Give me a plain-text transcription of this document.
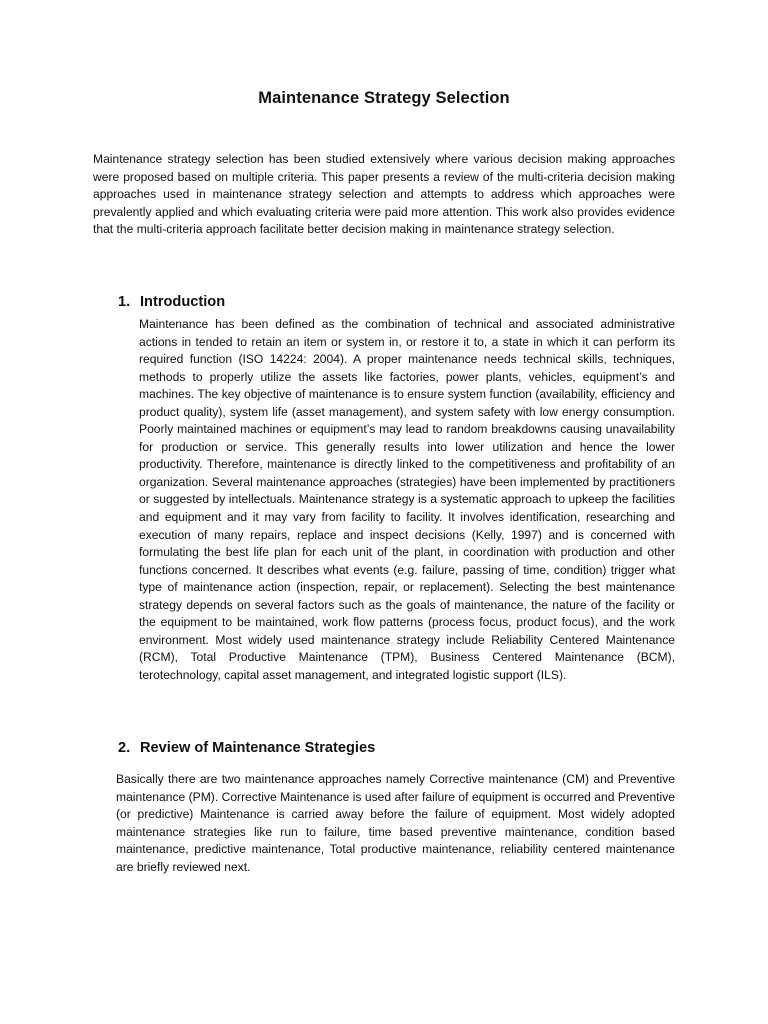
Maintenance Strategy Selection

Maintenance strategy selection has been studied extensively where various decision making approaches were proposed based on multiple criteria. This paper presents a review of the multi-criteria decision making approaches used in maintenance strategy selection and attempts to address which approaches were prevalently applied and which evaluating criteria were paid more attention. This work also provides evidence that the multi-criteria approach facilitate better decision making in maintenance strategy selection.

1. Introduction

Maintenance has been defined as the combination of technical and associated administrative actions in tended to retain an item or system in, or restore it to, a state in which it can perform its required function (ISO 14224: 2004). A proper maintenance needs technical skills, techniques, methods to properly utilize the assets like factories, power plants, vehicles, equipment’s and machines. The key objective of maintenance is to ensure system function (availability, efficiency and product quality), system life (asset management), and system safety with low energy consumption. Poorly maintained machines or equipment’s may lead to random breakdowns causing unavailability for production or service. This generally results into lower utilization and hence the lower productivity. Therefore, maintenance is directly linked to the competitiveness and profitability of an organization. Several maintenance approaches (strategies) have been implemented by practitioners or suggested by intellectuals. Maintenance strategy is a systematic approach to upkeep the facilities and equipment and it may vary from facility to facility. It involves identification, researching and execution of many repairs, replace and inspect decisions (Kelly, 1997) and is concerned with formulating the best life plan for each unit of the plant, in coordination with production and other functions concerned. It describes what events (e.g. failure, passing of time, condition) trigger what type of maintenance action (inspection, repair, or replacement). Selecting the best maintenance strategy depends on several factors such as the goals of maintenance, the nature of the facility or the equipment to be maintained, work flow patterns (process focus, product focus), and the work environment. Most widely used maintenance strategy include Reliability Centered Maintenance (RCM), Total Productive Maintenance (TPM), Business Centered Maintenance (BCM), terotechnology, capital asset management, and integrated logistic support (ILS).

2. Review of Maintenance Strategies

Basically there are two maintenance approaches namely Corrective maintenance (CM) and Preventive maintenance (PM). Corrective Maintenance is used after failure of equipment is occurred and Preventive (or predictive) Maintenance is carried away before the failure of equipment. Most widely adopted maintenance strategies like run to failure, time based preventive maintenance, condition based maintenance, predictive maintenance, Total productive maintenance, reliability centered maintenance are briefly reviewed next.
